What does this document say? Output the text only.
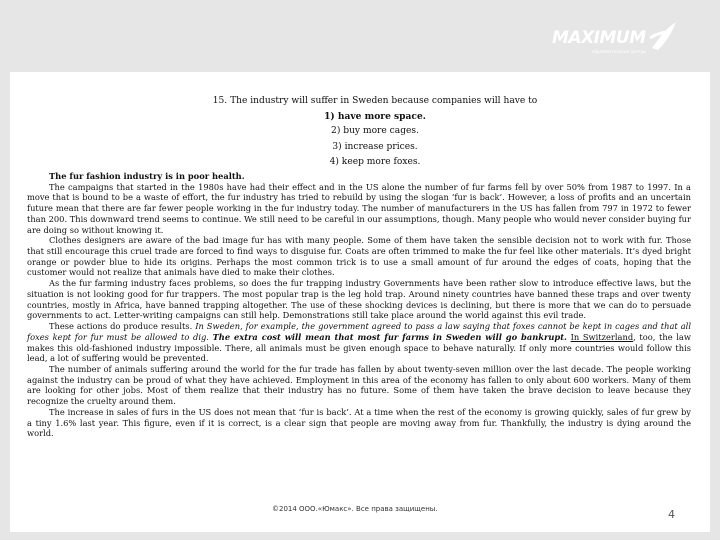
MAXIMUM
образовательные центры
15. The industry will suffer in Sweden because companies will have to
1) have more space.
2) buy more cages.
3) increase prices.
4) keep more foxes.

The fur fashion industry is in poor health.

The campaigns that started in the 1980s have had their effect and in the US alone the number of fur farms fell by over 50% from 1987 to 1997. In a move that is bound to be a waste of effort, the fur industry has tried to rebuild by using the slogan ‘fur is back’. However, a loss of profits and an uncertain future mean that there are far fewer people working in the fur industry today. The number of manufacturers in the US has fallen from 797 in 1972 to fewer than 200. This downward trend seems to continue. We still need to be careful in our assumptions, though. Many people who would never consider buying fur are doing so without knowing it.

Clothes designers are aware of the bad image fur has with many people. Some of them have taken the sensible decision not to work with fur. Those that still encourage this cruel trade are forced to find ways to disguise fur. Coats are often trimmed to make the fur feel like other materials. It’s dyed bright orange or powder blue to hide its origins. Perhaps the most common trick is to use a small amount of fur around the edges of coats, hoping that the customer would not realize that animals have died to make their clothes.

As the fur farming industry faces problems, so does the fur trapping industry Governments have been rather slow to introduce effective laws, but the situation is not looking good for fur trappers. The most popular trap is the leg hold trap. Around ninety countries have banned these traps and over twenty countries, mostly in Africa, have banned trapping altogether. The use of these shocking devices is declining, but there is more that we can do to persuade governments to act. Letter-writing campaigns can still help. Demonstrations still take place around the world against this evil trade.

These actions do produce results. In Sweden, for example, the government agreed to pass a law saying that foxes cannot be kept in cages and that all foxes kept for fur must be allowed to dig. The extra cost will mean that most fur farms in Sweden will go bankrupt. In Switzerland, too, the law makes this old-fashioned industry impossible. There, all animals must be given enough space to behave naturally. If only more countries would follow this lead, a lot of suffering would be prevented.

The number of animals suffering around the world for the fur trade has fallen by about twenty-seven million over the last decade. The people working against the industry can be proud of what they have achieved. Employment in this area of the economy has fallen to only about 600 workers. Many of them are looking for other jobs. Most of them realize that their industry has no future. Some of them have taken the brave decision to leave because they recognize the cruelty around them.

The increase in sales of furs in the US does not mean that ‘fur is back’. At a time when the rest of the economy is growing quickly, sales of fur grew by a tiny 1.6% last year. This figure, even if it is correct, is a clear sign that people are moving away from fur. Thankfully, the industry is dying around the world.

©2014 ООО.«Юмакс». Все права защищены.	4
